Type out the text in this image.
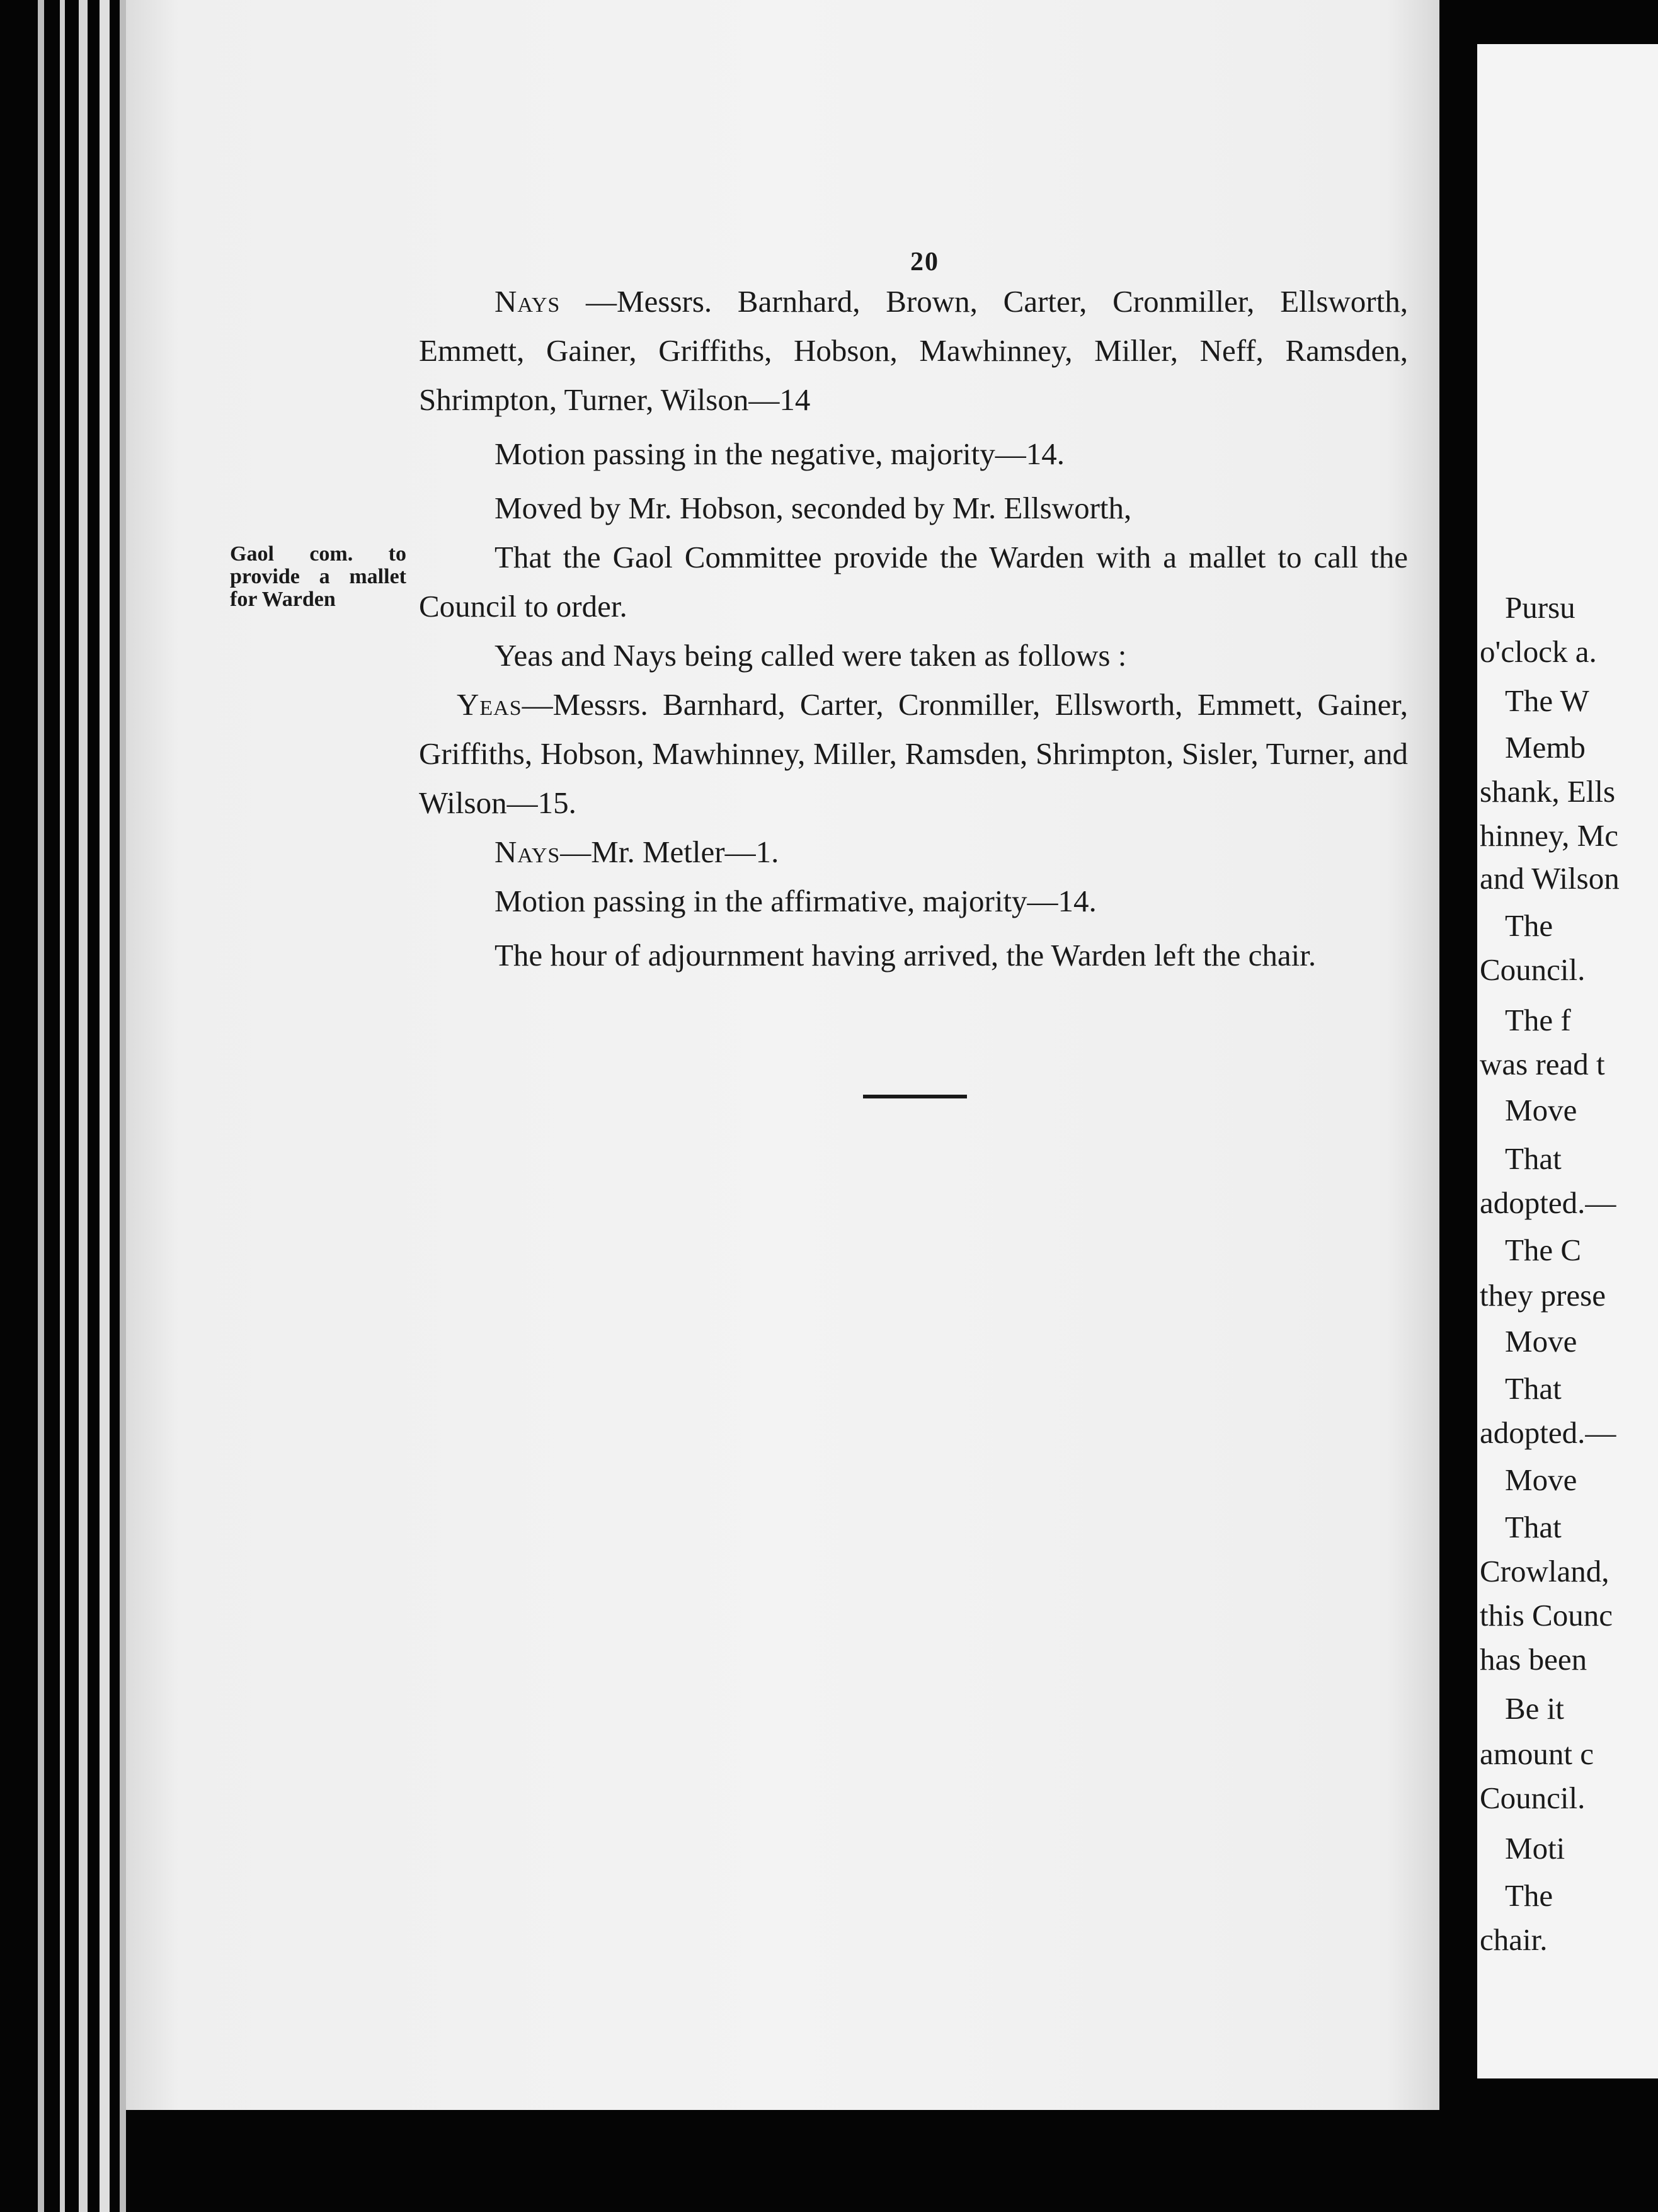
20
Gaol com. to provide a mallet for Warden

Nays —Messrs. Barnhard, Brown, Carter, Cronmiller, Ellsworth, Emmett, Gainer, Griffiths, Hobson, Mawhinney, Miller, Neff, Ramsden, Shrimpton, Turner, Wilson—14

Motion passing in the negative, majority—14.

Moved by Mr. Hobson, seconded by Mr. Ellsworth,

That the Gaol Committee provide the Warden with a mallet to call the Council to order.

Yeas and Nays being called were taken as follows :

Yeas—Messrs. Barnhard, Carter, Cronmiller, Ellsworth, Emmett, Gainer, Griffiths, Hobson, Mawhinney, Miller, Ramsden, Shrimpton, Sisler, Turner, and Wilson—15.

Nays—Mr. Metler—1.

Motion passing in the affirmative, majority—14.

The hour of adjournment having arrived, the Warden left the chair.

Pursu
o'clock a.
The W
Memb
shank, Ells
hinney, Mc
and Wilson
The
Council.
The f
was read t
Move
That
adopted.—
The C
they prese
Move
That
adopted.—
Move
That
Crowland,
this Counc
has been
Be it
amount c
Council.
Moti
The
chair.
